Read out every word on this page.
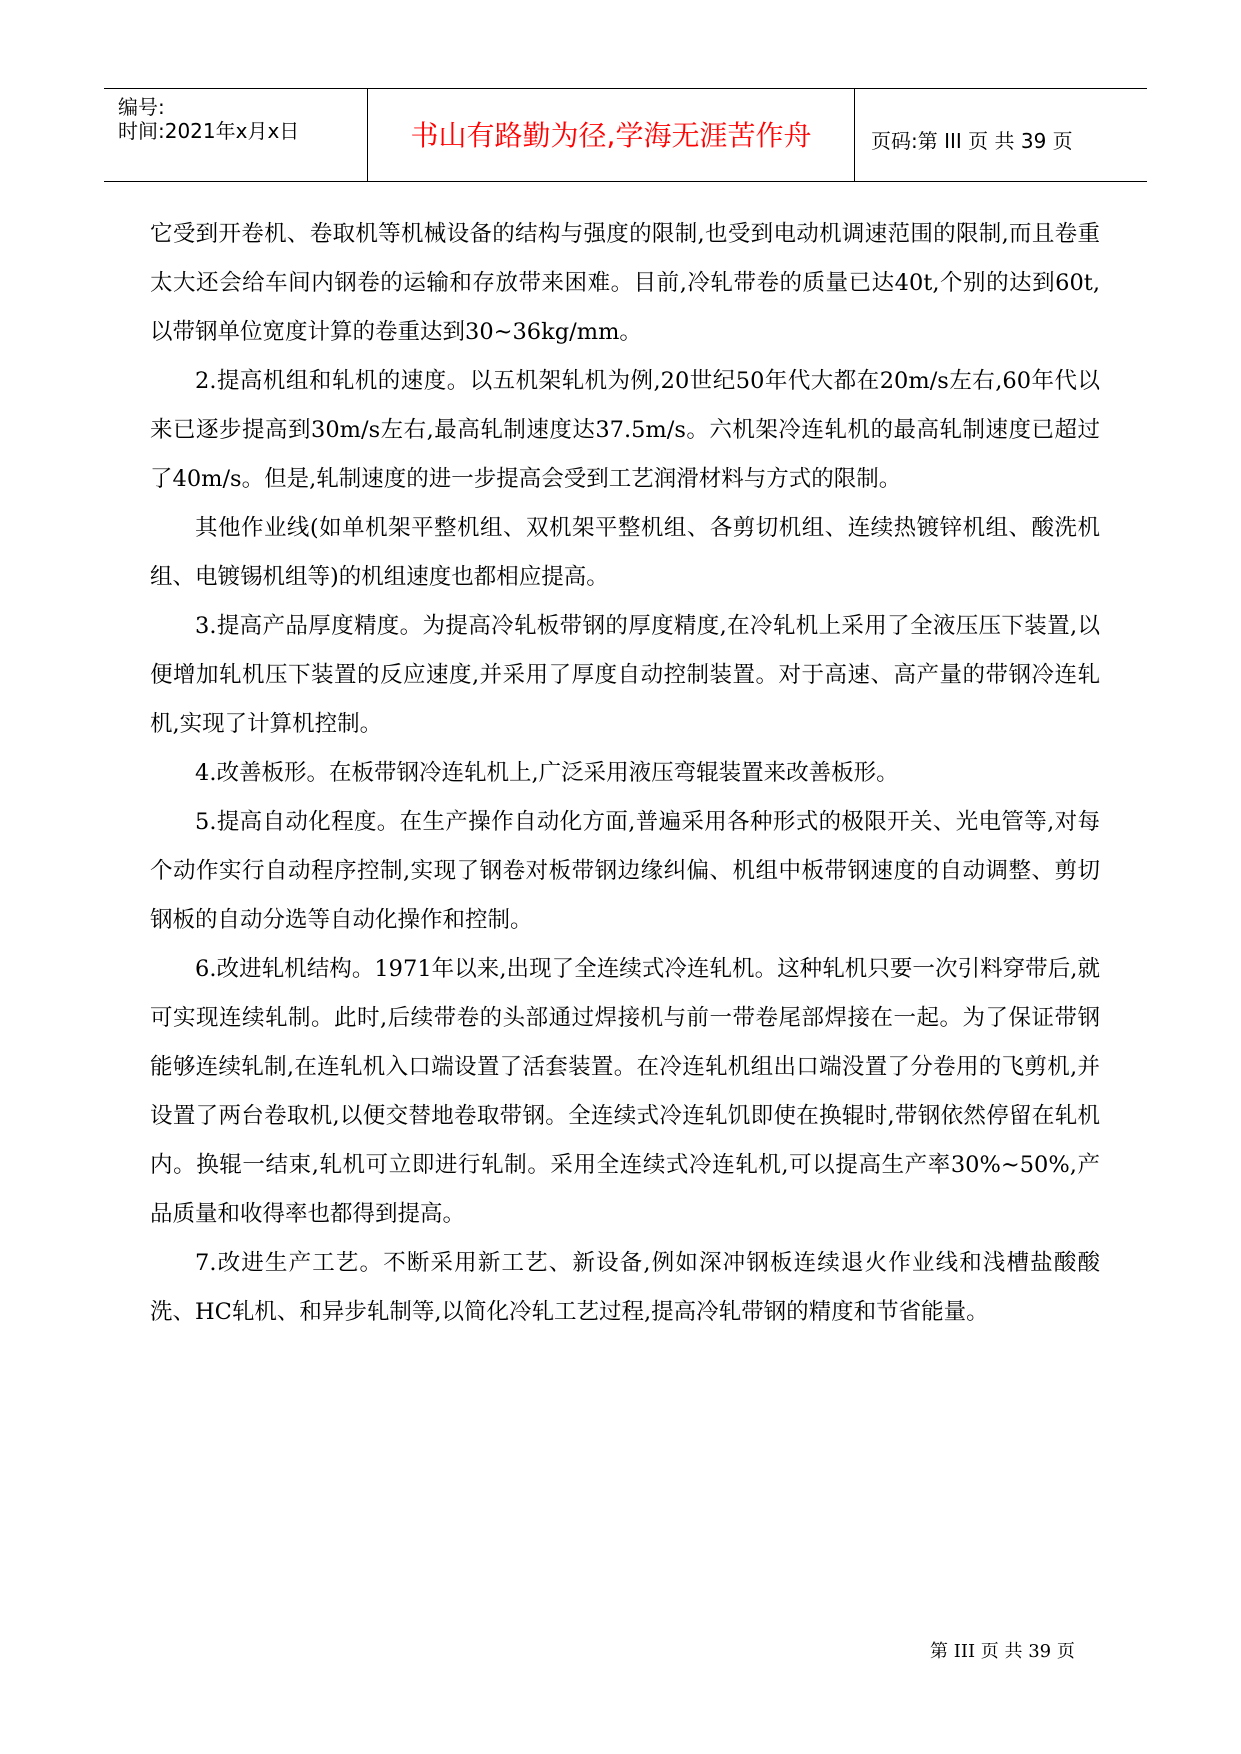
编号:
时间:2021年x月x日	书山有路勤为径,学海无涯苦作舟	页码:第 III 页 共 39 页

它受到开卷机、卷取机等机械设备的结构与强度的限制,也受到电动机调速范围的限制,而且卷重太大还会给车间内钢卷的运输和存放带来困难。目前,冷轧带卷的质量已达40t,个别的达到60t,以带钢单位宽度计算的卷重达到30~36kg/mm。

2.提高机组和轧机的速度。以五机架轧机为例,20世纪50年代大都在20m/s左右,60年代以来已逐步提高到30m/s左右,最高轧制速度达37.5m/s。六机架冷连轧机的最高轧制速度已超过了40m/s。但是,轧制速度的进一步提高会受到工艺润滑材料与方式的限制。

其他作业线(如单机架平整机组、双机架平整机组、各剪切机组、连续热镀锌机组、酸洗机组、电镀锡机组等)的机组速度也都相应提高。

3.提高产品厚度精度。为提高冷轧板带钢的厚度精度,在冷轧机上采用了全液压压下装置,以便增加轧机压下装置的反应速度,并采用了厚度自动控制装置。对于高速、高产量的带钢冷连轧机,实现了计算机控制。

4.改善板形。在板带钢冷连轧机上,广泛采用液压弯辊装置来改善板形。

5.提高自动化程度。在生产操作自动化方面,普遍采用各种形式的极限开关、光电管等,对每个动作实行自动程序控制,实现了钢卷对板带钢边缘纠偏、机组中板带钢速度的自动调整、剪切钢板的自动分选等自动化操作和控制。

6.改进轧机结构。1971年以来,出现了全连续式冷连轧机。这种轧机只要一次引料穿带后,就可实现连续轧制。此时,后续带卷的头部通过焊接机与前一带卷尾部焊接在一起。为了保证带钢能够连续轧制,在连轧机入口端设置了活套装置。在冷连轧机组出口端没置了分卷用的飞剪机,并设置了两台卷取机,以便交替地卷取带钢。全连续式冷连轧饥即使在换辊时,带钢依然停留在轧机内。换辊一结束,轧机可立即进行轧制。采用全连续式冷连轧机,可以提高生产率30%~50%,产品质量和收得率也都得到提高。

7.改进生产工艺。不断采用新工艺、新设备,例如深冲钢板连续退火作业线和浅槽盐酸酸洗、HC轧机、和异步轧制等,以简化冷轧工艺过程,提高冷轧带钢的精度和节省能量。

第 III 页 共 39 页
